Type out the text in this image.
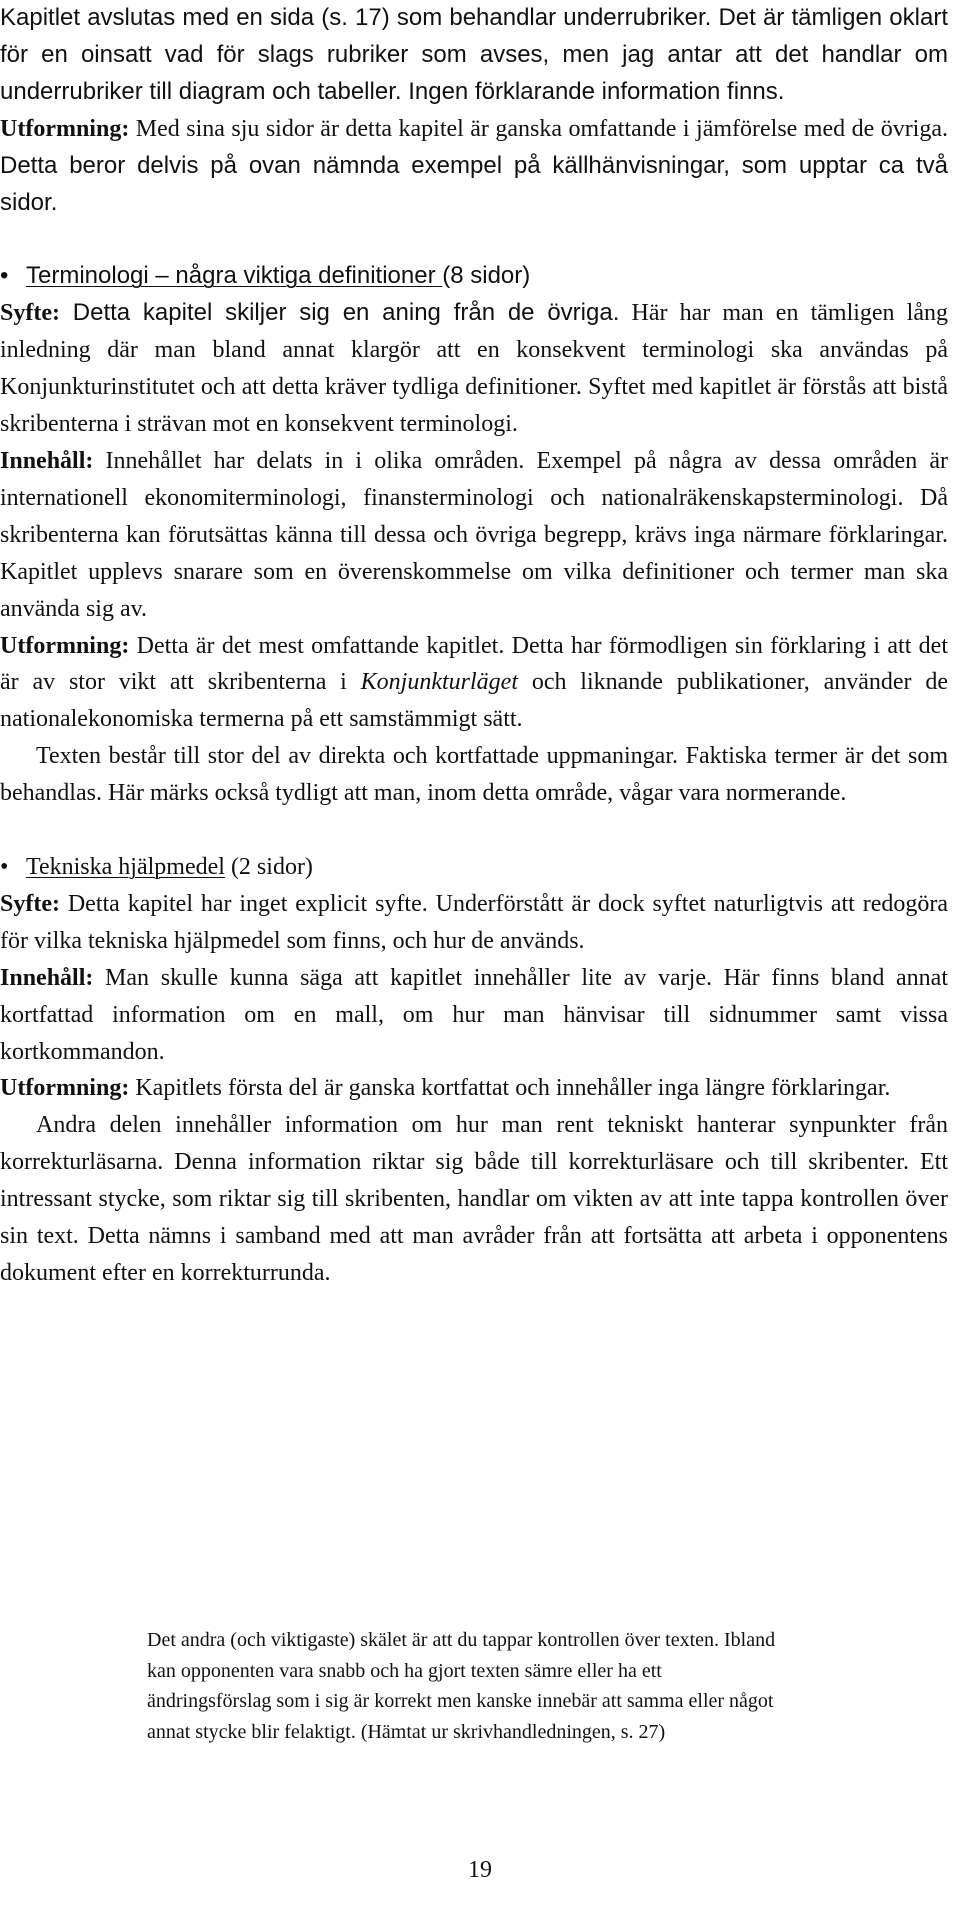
Kapitlet avslutas med en sida (s. 17) som behandlar underrubriker. Det är tämligen oklart för en oinsatt vad för slags rubriker som avses, men jag antar att det handlar om underrubriker till diagram och tabeller. Ingen förklarande information finns.

Utformning: Med sina sju sidor är detta kapitel är ganska omfattande i jämförelse med de övriga. Detta beror delvis på ovan nämnda exempel på källhänvisningar, som upptar ca två sidor.

• Terminologi – några viktiga definitioner (8 sidor)

Syfte: Detta kapitel skiljer sig en aning från de övriga. Här har man en tämligen lång inledning där man bland annat klargör att en konsekvent terminologi ska användas på Konjunkturinstitutet och att detta kräver tydliga definitioner. Syftet med kapitlet är förstås att bistå skribenterna i strävan mot en konsekvent terminologi.

Innehåll: Innehållet har delats in i olika områden. Exempel på några av dessa områden är internationell ekonomiterminologi, finansterminologi och nationalräkenskapsterminologi. Då skribenterna kan förutsättas känna till dessa och övriga begrepp, krävs inga närmare förklaringar. Kapitlet upplevs snarare som en överenskommelse om vilka definitioner och termer man ska använda sig av.

Utformning: Detta är det mest omfattande kapitlet. Detta har förmodligen sin förklaring i att det är av stor vikt att skribenterna i Konjunkturläget och liknande publikationer, använder de nationalekonomiska termerna på ett samstämmigt sätt.

Texten består till stor del av direkta och kortfattade uppmaningar. Faktiska termer är det som behandlas. Här märks också tydligt att man, inom detta område, vågar vara normerande.

• Tekniska hjälpmedel (2 sidor)

Syfte: Detta kapitel har inget explicit syfte. Underförstått är dock syftet naturligtvis att redogöra för vilka tekniska hjälpmedel som finns, och hur de används.

Innehåll: Man skulle kunna säga att kapitlet innehåller lite av varje. Här finns bland annat kortfattad information om en mall, om hur man hänvisar till sidnummer samt vissa kortkommandon.

Utformning: Kapitlets första del är ganska kortfattat och innehåller inga längre förklaringar.

Andra delen innehåller information om hur man rent tekniskt hanterar synpunkter från korrekturläsarna. Denna information riktar sig både till korrekturläsare och till skribenter. Ett intressant stycke, som riktar sig till skribenten, handlar om vikten av att inte tappa kontrollen över sin text. Detta nämns i samband med att man avråder från att fortsätta att arbeta i opponentens dokument efter en korrekturrunda.

Det andra (och viktigaste) skälet är att du tappar kontrollen över texten. Ibland kan opponenten vara snabb och ha gjort texten sämre eller ha ett ändringsförslag som i sig är korrekt men kanske innebär att samma eller något annat stycke blir felaktigt. (Hämtat ur skrivhandledningen, s. 27)
19
